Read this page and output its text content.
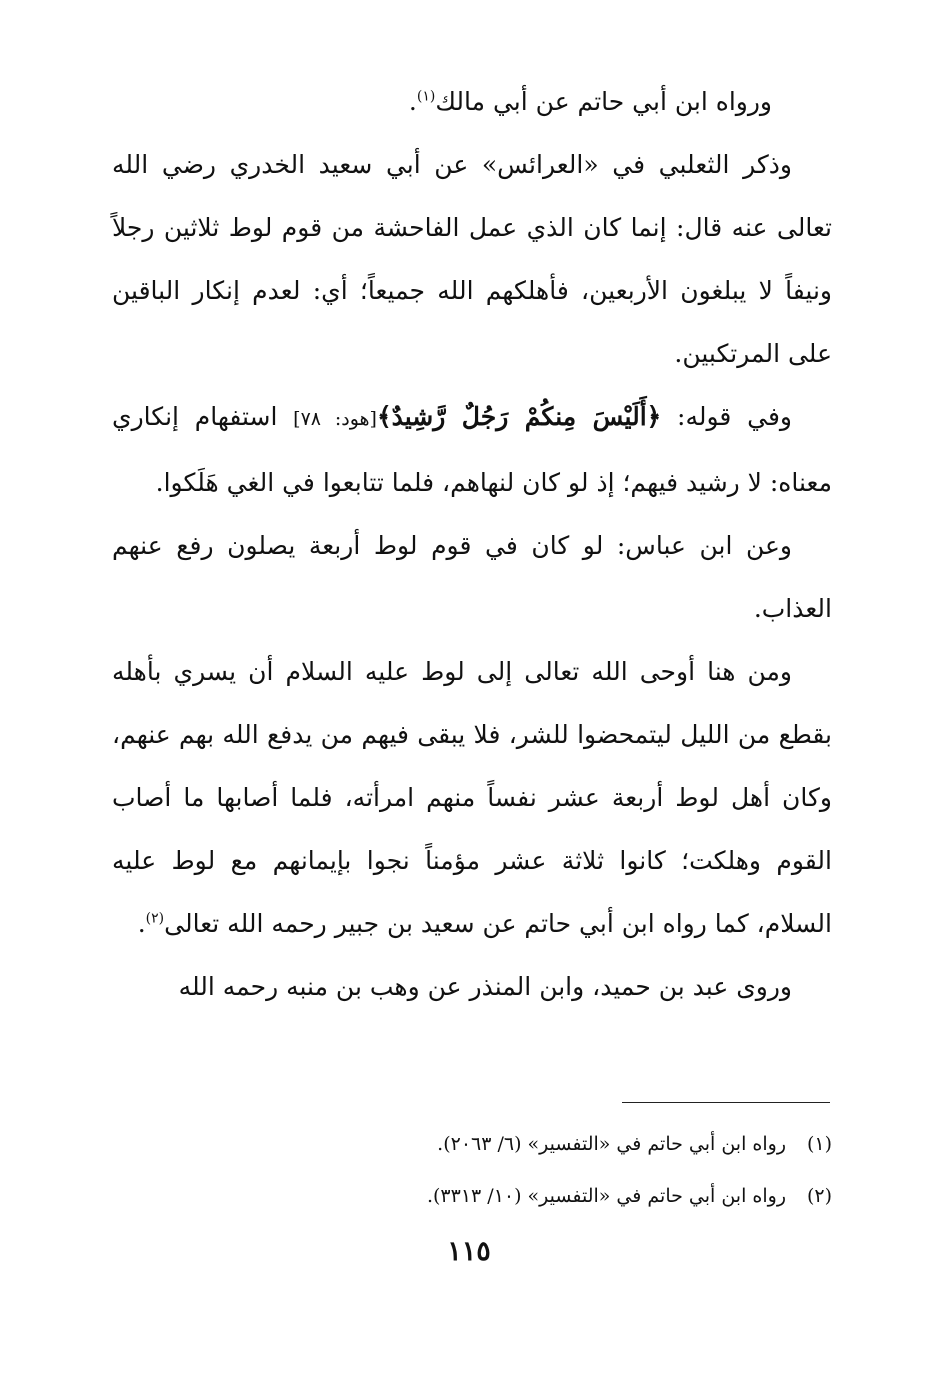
ورواه ابن أبي حاتم عن أبي مالك$^{(١)}$.

وذكر الثعلبي في «العرائس» عن أبي سعيد الخدري رضي الله تعالى عنه قال: إنما كان الذي عمل الفاحشة من قوم لوط ثلاثين رجلاً ونيفاً لا يبلغون الأربعين، فأهلكهم الله جميعاً؛ أي: لعدم إنكار الباقين على المرتكبين.

وفي قوله: ﴿أَلَيْسَ مِنكُمْ رَجُلٌ رَّشِيدٌ﴾[هود: ٧٨] استفهام إنكاري معناه: لا رشيد فيهم؛ إذ لو كان لنهاهم، فلما تتابعوا في الغي هَلَكوا.

وعن ابن عباس: لو كان في قوم لوط أربعة يصلون رفع عنهم العذاب.

ومن هنا أوحى الله تعالى إلى لوط عليه السلام أن يسري بأهله بقطع من الليل ليتمحضوا للشر، فلا يبقى فيهم من يدفع الله بهم عنهم، وكان أهل لوط أربعة عشر نفساً منهم امرأته، فلما أصابها ما أصاب القوم وهلكت؛ كانوا ثلاثة عشر مؤمناً نجوا بإيمانهم مع لوط عليه السلام، كما رواه ابن أبي حاتم عن سعيد بن جبير رحمه الله تعالى$^{(٢)}$.

وروى عبد بن حميد، وابن المنذر عن وهب بن منبه رحمه الله

(١)رواه ابن أبي حاتم في «التفسير» (٦/ ٢٠٦٣).
(٢)رواه ابن أبي حاتم في «التفسير» (١٠/ ٣٣١٣).
١١٥
